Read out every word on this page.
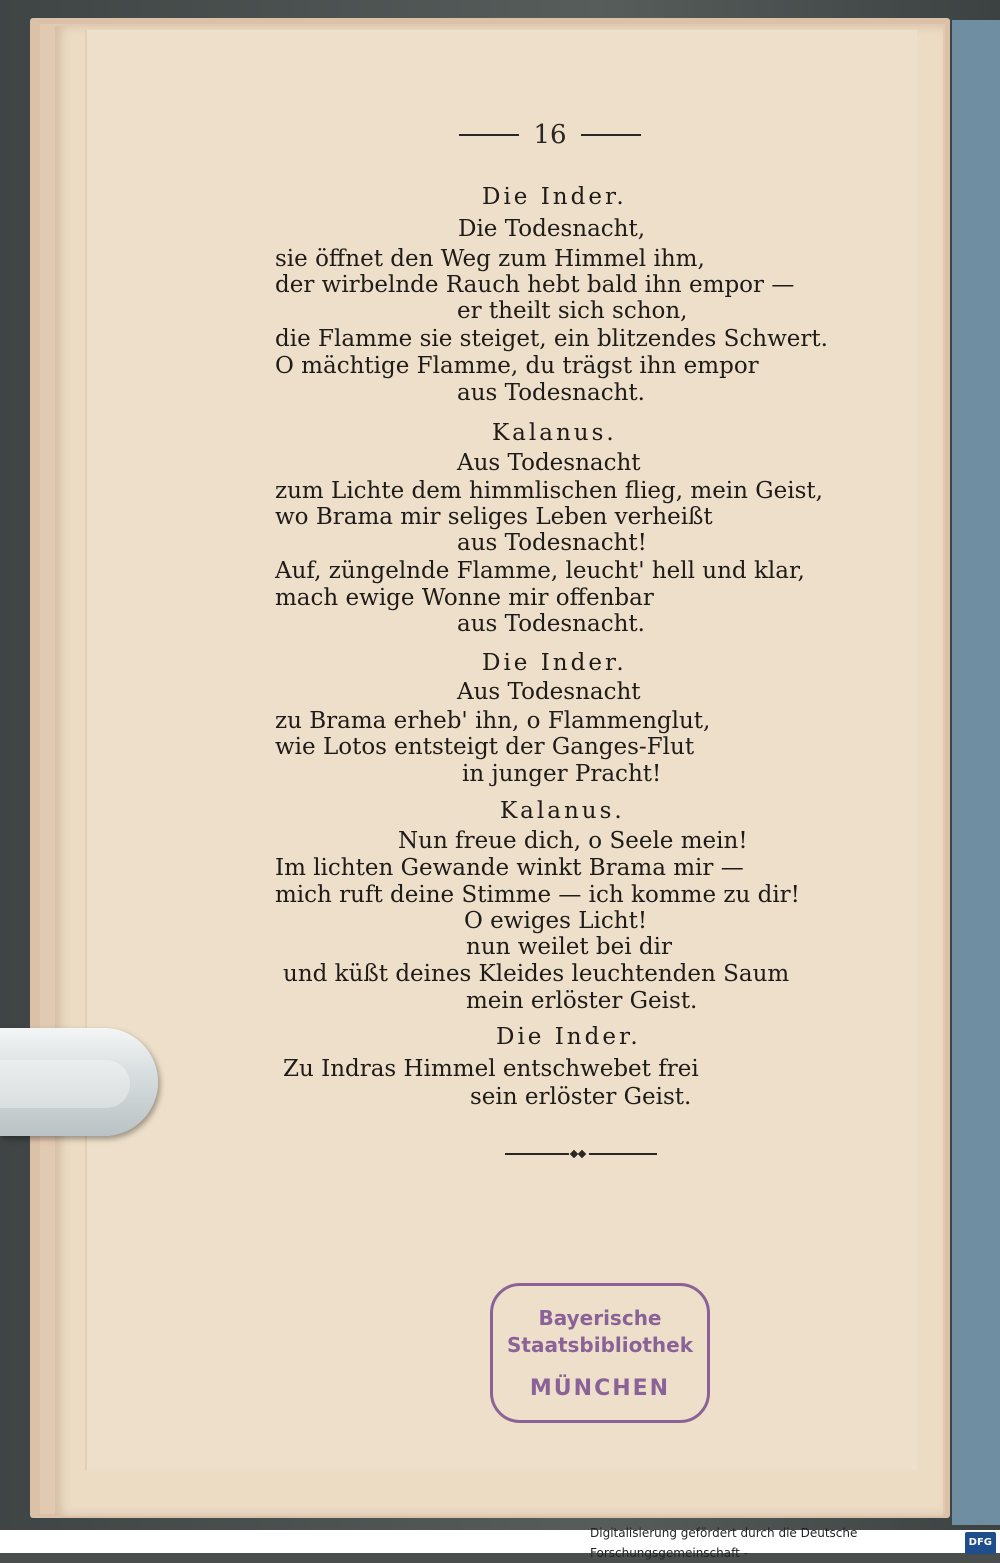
16
Die Inder.
Die Todesnacht,
sie öffnet den Weg zum Himmel ihm,
der wirbelnde Rauch hebt bald ihn empor —
er theilt sich schon,
die Flamme sie steiget, ein blitzendes Schwert.
O mächtige Flamme, du trägst ihn empor
aus Todesnacht.
Kalanus.
Aus Todesnacht
zum Lichte dem himmlischen flieg, mein Geist,
wo Brama mir seliges Leben verheißt
aus Todesnacht!
Auf, züngelnde Flamme, leucht' hell und klar,
mach ewige Wonne mir offenbar
aus Todesnacht.
Die Inder.
Aus Todesnacht
zu Brama erheb' ihn, o Flammenglut,
wie Lotos entsteigt der Ganges-Flut
in junger Pracht!
Kalanus.
Nun freue dich, o Seele mein!
Im lichten Gewande winkt Brama mir —
mich ruft deine Stimme — ich komme zu dir!
O ewiges Licht!
nun weilet bei dir
und küßt deines Kleides leuchtenden Saum
mein erlöster Geist.
Die Inder.
Zu Indras Himmel entschwebet frei
sein erlöster Geist.
Bayerische
Staatsbibliothek
MÜNCHEN
Digitalisierung gefördert durch die Deutsche Forschungsgemeinschaft -
DFG
